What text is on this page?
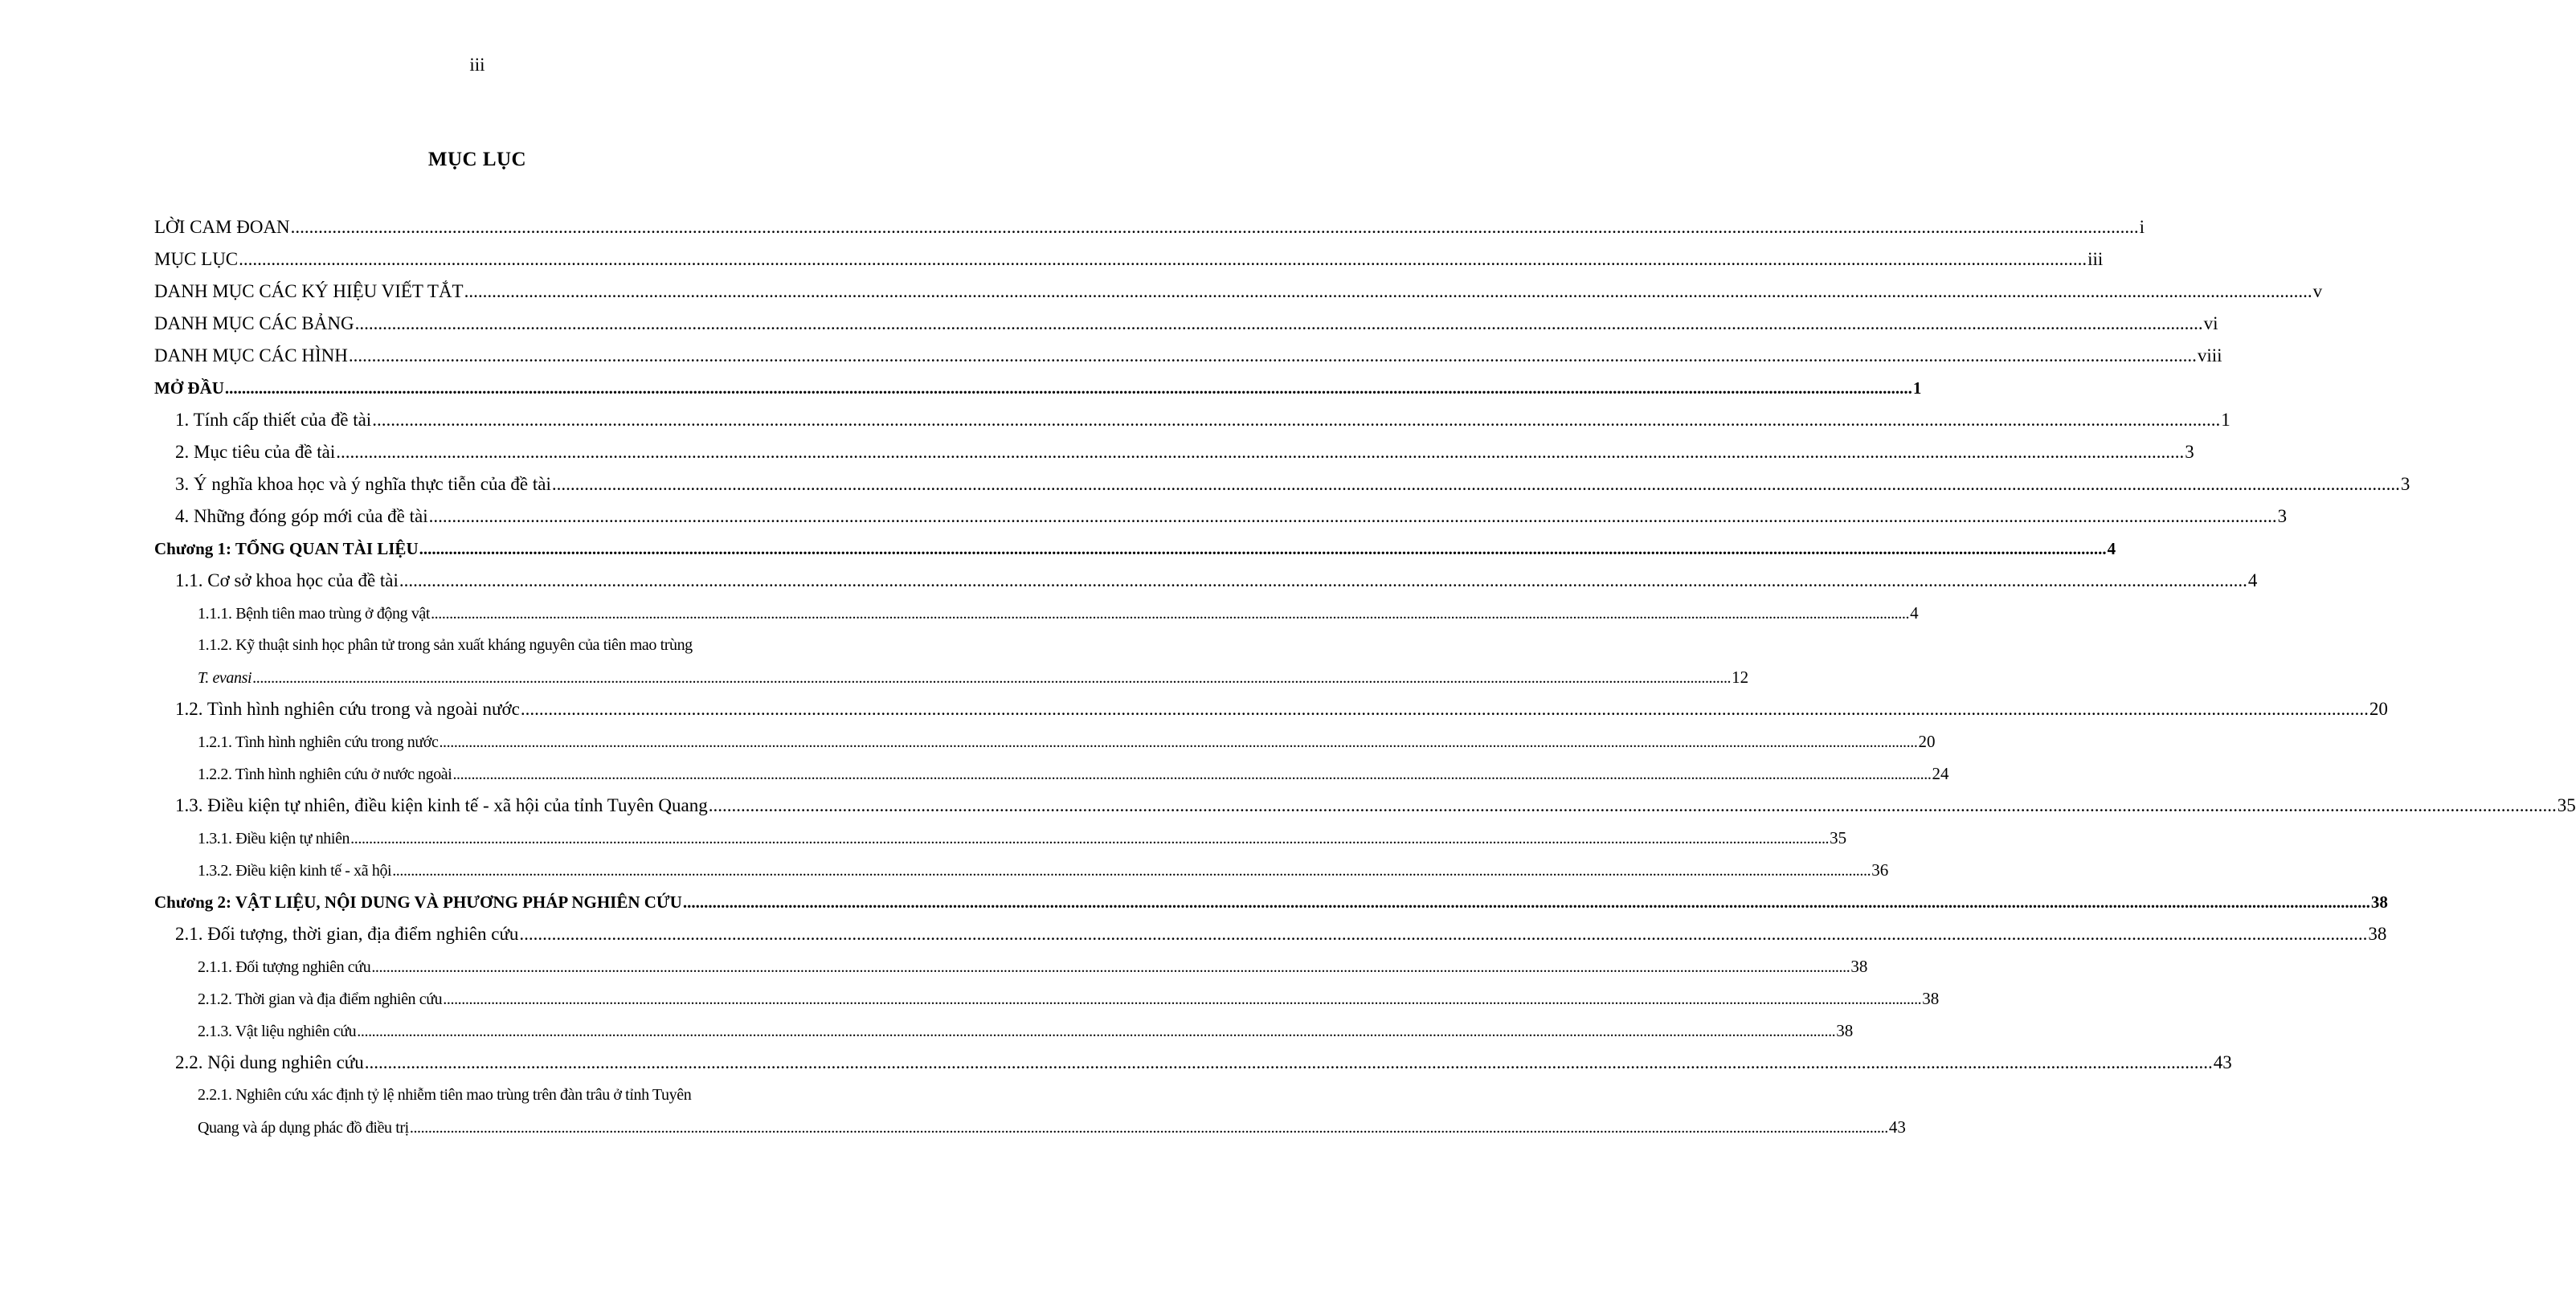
iii
MỤC LỤC
LỜI CAM ĐOAN ................................................................................................................................................................................................................................................................................................................................................................................................................ i
MỤC LỤC ................................................................................................................................................................................................................................................................................................................................................................................................................ iii
DANH MỤC CÁC KÝ HIỆU VIẾT TẮT ................................................................................................................................................................................................................................................................................................................................................................................................................ v
DANH MỤC CÁC BẢNG ................................................................................................................................................................................................................................................................................................................................................................................................................ vi
DANH MỤC CÁC HÌNH ................................................................................................................................................................................................................................................................................................................................................................................................................ viii
MỞ ĐẦU ................................................................................................................................................................................................................................................................................................................................................................................................................ 1
1. Tính cấp thiết của đề tài ................................................................................................................................................................................................................................................................................................................................................................................................................ 1
2. Mục tiêu của đề tài ................................................................................................................................................................................................................................................................................................................................................................................................................ 3
3. Ý nghĩa khoa học và ý nghĩa thực tiễn của đề tài ................................................................................................................................................................................................................................................................................................................................................................................................................ 3
4. Những đóng góp mới của đề tài ................................................................................................................................................................................................................................................................................................................................................................................................................ 3
Chương 1: TỔNG QUAN TÀI LIỆU ................................................................................................................................................................................................................................................................................................................................................................................................................ 4
1.1. Cơ sở khoa học của đề tài ................................................................................................................................................................................................................................................................................................................................................................................................................ 4
1.1.1. Bệnh tiên mao trùng ở động vật ................................................................................................................................................................................................................................................................................................................................................................................................................ 4
1.1.2. Kỹ thuật sinh học phân tử trong sản xuất kháng nguyên của tiên mao trùng
T. evansi ................................................................................................................................................................................................................................................................................................................................................................................................................ 12
1.2. Tình hình nghiên cứu trong và ngoài nước ................................................................................................................................................................................................................................................................................................................................................................................................................ 20
1.2.1. Tình hình nghiên cứu trong nước ................................................................................................................................................................................................................................................................................................................................................................................................................ 20
1.2.2. Tình hình nghiên cứu ở nước ngoài ................................................................................................................................................................................................................................................................................................................................................................................................................ 24
1.3. Điều kiện tự nhiên, điều kiện kinh tế - xã hội của tỉnh Tuyên Quang ................................................................................................................................................................................................................................................................................................................................................................................................................ 35
1.3.1. Điều kiện tự nhiên ................................................................................................................................................................................................................................................................................................................................................................................................................ 35
1.3.2. Điều kiện kinh tế - xã hội ................................................................................................................................................................................................................................................................................................................................................................................................................ 36
Chương 2: VẬT LIỆU, NỘI DUNG VÀ PHƯƠNG PHÁP NGHIÊN CỨU ................................................................................................................................................................................................................................................................................................................................................................................................................ 38
2.1. Đối tượng, thời gian, địa điểm nghiên cứu ................................................................................................................................................................................................................................................................................................................................................................................................................ 38
2.1.1. Đối tượng nghiên cứu ................................................................................................................................................................................................................................................................................................................................................................................................................ 38
2.1.2. Thời gian và địa điểm nghiên cứu ................................................................................................................................................................................................................................................................................................................................................................................................................ 38
2.1.3. Vật liệu nghiên cứu ................................................................................................................................................................................................................................................................................................................................................................................................................ 38
2.2. Nội dung nghiên cứu ................................................................................................................................................................................................................................................................................................................................................................................................................ 43
2.2.1. Nghiên cứu xác định tỷ lệ nhiễm tiên mao trùng trên đàn trâu ở tỉnh Tuyên
Quang và áp dụng phác đồ điều trị ................................................................................................................................................................................................................................................................................................................................................................................................................ 43
